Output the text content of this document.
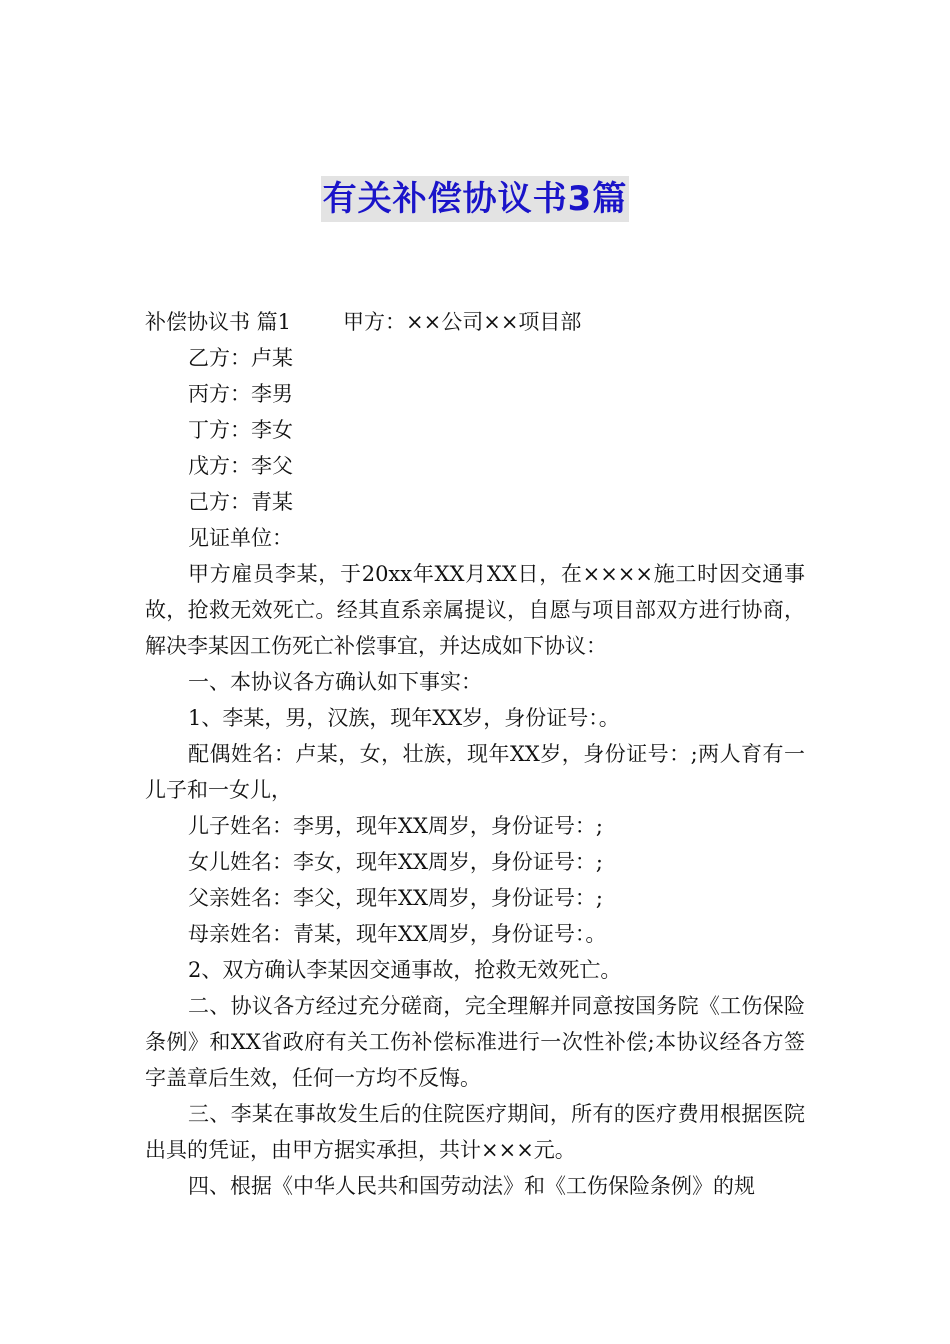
有关补偿协议书3篇

补偿协议书 篇1 甲方：××公司××项目部

乙方：卢某

丙方：李男

丁方：李女

戊方：李父

己方：青某

见证单位：

甲方雇员李某，于20xx年XX月XX日，在××××施工时因交通事故，抢救无效死亡。经其直系亲属提议，自愿与项目部双方进行协商，解决李某因工伤死亡补偿事宜，并达成如下协议：

一、本协议各方确认如下事实：

1、李某，男，汉族，现年XX岁，身份证号：。

配偶姓名：卢某，女，壮族，现年XX岁，身份证号：;两人育有一儿子和一女儿，

儿子姓名：李男，现年XX周岁，身份证号：;

女儿姓名：李女，现年XX周岁，身份证号：;

父亲姓名：李父，现年XX周岁，身份证号：;

母亲姓名：青某，现年XX周岁，身份证号：。

2、双方确认李某因交通事故，抢救无效死亡。

二、协议各方经过充分磋商，完全理解并同意按国务院《工伤保险条例》和XX省政府有关工伤补偿标准进行一次性补偿;本协议经各方签字盖章后生效，任何一方均不反悔。

三、李某在事故发生后的住院医疗期间，所有的医疗费用根据医院出具的凭证，由甲方据实承担，共计×××元。

四、根据《中华人民共和国劳动法》和《工伤保险条例》的规
